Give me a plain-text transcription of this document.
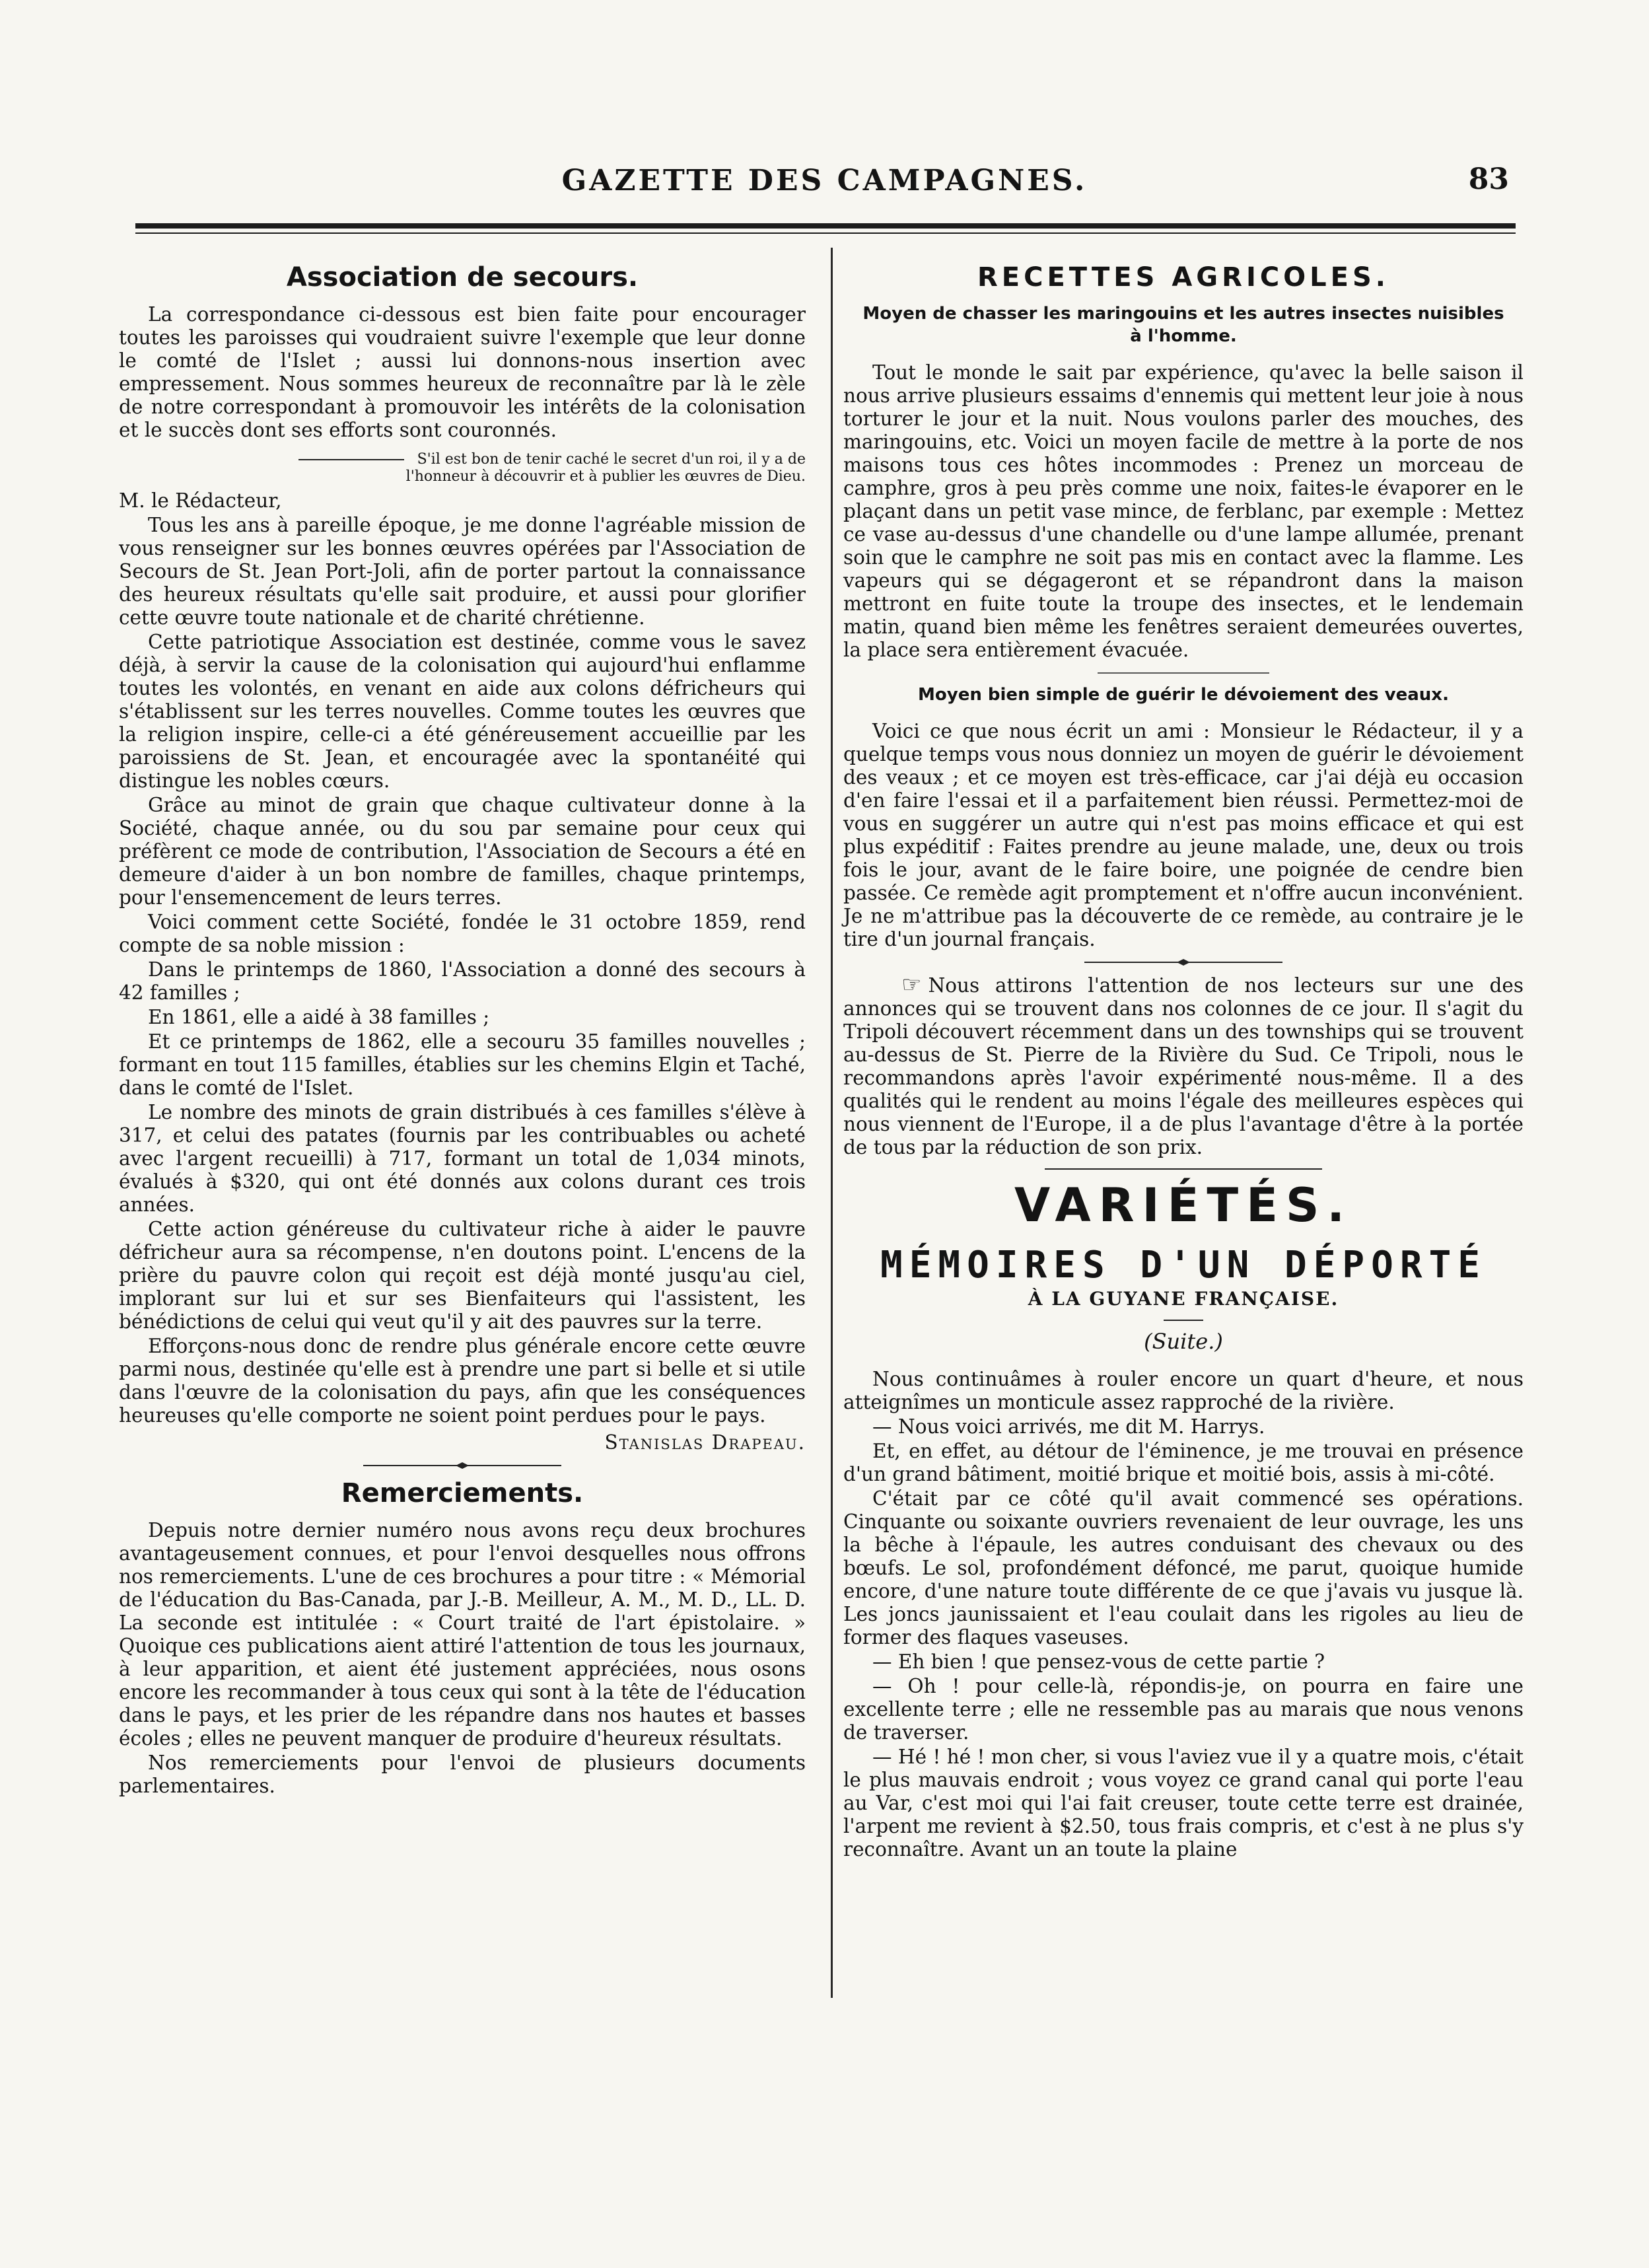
GAZETTE DES CAMPAGNES.	83
Association de secours.

La correspondance ci-dessous est bien faite pour encourager toutes les paroisses qui voudraient suivre l'exemple que leur donne le comté de l'Islet ; aussi lui donnons-nous insertion avec empressement. Nous sommes heureux de reconnaître par là le zèle de notre correspondant à promouvoir les intérêts de la colonisation et le succès dont ses efforts sont couronnés.

S'il est bon de tenir caché le secret d'un roi, il y a de
l'honneur à découvrir et à publier les œuvres de Dieu.

M. le Rédacteur,

Tous les ans à pareille époque, je me donne l'agréable mission de vous renseigner sur les bonnes œuvres opérées par l'Association de Secours de St. Jean Port-Joli, afin de porter partout la connaissance des heureux résultats qu'elle sait produire, et aussi pour glorifier cette œuvre toute nationale et de charité chrétienne.

Cette patriotique Association est destinée, comme vous le savez déjà, à servir la cause de la colonisation qui aujourd'hui enflamme toutes les volontés, en venant en aide aux colons défricheurs qui s'établissent sur les terres nouvelles. Comme toutes les œuvres que la religion inspire, celle-ci a été généreusement accueillie par les paroissiens de St. Jean, et encouragée avec la spontanéité qui distingue les nobles cœurs.

Grâce au minot de grain que chaque cultivateur donne à la Société, chaque année, ou du sou par semaine pour ceux qui préfèrent ce mode de contribution, l'Association de Secours a été en demeure d'aider à un bon nombre de familles, chaque printemps, pour l'ensemencement de leurs terres.

Voici comment cette Société, fondée le 31 octobre 1859, rend compte de sa noble mission :

Dans le printemps de 1860, l'Association a donné des secours à 42 familles ;

En 1861, elle a aidé à 38 familles ;

Et ce printemps de 1862, elle a secouru 35 familles nouvelles ; formant en tout 115 familles, établies sur les chemins Elgin et Taché, dans le comté de l'Islet.

Le nombre des minots de grain distribués à ces familles s'élève à 317, et celui des patates (fournis par les contribuables ou acheté avec l'argent recueilli) à 717, formant un total de 1,034 minots, évalués à $320, qui ont été donnés aux colons durant ces trois années.

Cette action généreuse du cultivateur riche à aider le pauvre défricheur aura sa récompense, n'en doutons point. L'encens de la prière du pauvre colon qui reçoit est déjà monté jusqu'au ciel, implorant sur lui et sur ses Bienfaiteurs qui l'assistent, les bénédictions de celui qui veut qu'il y ait des pauvres sur la terre.

Efforçons-nous donc de rendre plus générale encore cette œuvre parmi nous, destinée qu'elle est à prendre une part si belle et si utile dans l'œuvre de la colonisation du pays, afin que les conséquences heureuses qu'elle comporte ne soient point perdues pour le pays.

Stanislas Drapeau.
Remerciements.

Depuis notre dernier numéro nous avons reçu deux brochures avantageusement connues, et pour l'envoi desquelles nous offrons nos remerciements. L'une de ces brochures a pour titre : « Mémorial de l'éducation du Bas-Canada, par J.-B. Meilleur, A. M., M. D., LL. D. La seconde est intitulée : « Court traité de l'art épistolaire. » Quoique ces publications aient attiré l'attention de tous les journaux, à leur apparition, et aient été justement appréciées, nous osons encore les recommander à tous ceux qui sont à la tête de l'éducation dans le pays, et les prier de les répandre dans nos hautes et basses écoles ; elles ne peuvent manquer de produire d'heureux résultats.

Nos remerciements pour l'envoi de plusieurs documents parlementaires.

RECETTES AGRICOLES.
Moyen de chasser les maringouins et les autres insectes nuisibles
à l'homme.

Tout le monde le sait par expérience, qu'avec la belle saison il nous arrive plusieurs essaims d'ennemis qui mettent leur joie à nous torturer le jour et la nuit. Nous voulons parler des mouches, des maringouins, etc. Voici un moyen facile de mettre à la porte de nos maisons tous ces hôtes incommodes : Prenez un morceau de camphre, gros à peu près comme une noix, faites-le évaporer en le plaçant dans un petit vase mince, de ferblanc, par exemple : Mettez ce vase au-dessus d'une chandelle ou d'une lampe allumée, prenant soin que le camphre ne soit pas mis en contact avec la flamme. Les vapeurs qui se dégageront et se répandront dans la maison mettront en fuite toute la troupe des insectes, et le lendemain matin, quand bien même les fenêtres seraient demeurées ouvertes, la place sera entièrement évacuée.

Moyen bien simple de guérir le dévoiement des veaux.

Voici ce que nous écrit un ami : Monsieur le Rédacteur, il y a quelque temps vous nous donniez un moyen de guérir le dévoiement des veaux ; et ce moyen est très-efficace, car j'ai déjà eu occasion d'en faire l'essai et il a parfaitement bien réussi. Permettez-moi de vous en suggérer un autre qui n'est pas moins efficace et qui est plus expéditif : Faites prendre au jeune malade, une, deux ou trois fois le jour, avant de le faire boire, une poignée de cendre bien passée. Ce remède agit promptement et n'offre aucun inconvénient. Je ne m'attribue pas la découverte de ce remède, au contraire je le tire d'un journal français.

☞ Nous attirons l'attention de nos lecteurs sur une des annonces qui se trouvent dans nos colonnes de ce jour. Il s'agit du Tripoli découvert récemment dans un des townships qui se trouvent au-dessus de St. Pierre de la Rivière du Sud. Ce Tripoli, nous le recommandons après l'avoir expérimenté nous-même. Il a des qualités qui le rendent au moins l'égale des meilleures espèces qui nous viennent de l'Europe, il a de plus l'avantage d'être à la portée de tous par la réduction de son prix.

VARIÉTÉS.
MÉMOIRES D'UN DÉPORTÉ
À LA GUYANE FRANÇAISE.
(Suite.)

Nous continuâmes à rouler encore un quart d'heure, et nous atteignîmes un monticule assez rapproché de la rivière.

— Nous voici arrivés, me dit M. Harrys.

Et, en effet, au détour de l'éminence, je me trouvai en présence d'un grand bâtiment, moitié brique et moitié bois, assis à mi-côté.

C'était par ce côté qu'il avait commencé ses opérations. Cinquante ou soixante ouvriers revenaient de leur ouvrage, les uns la bêche à l'épaule, les autres conduisant des chevaux ou des bœufs. Le sol, profondément défoncé, me parut, quoique humide encore, d'une nature toute différente de ce que j'avais vu jusque là. Les joncs jaunissaient et l'eau coulait dans les rigoles au lieu de former des flaques vaseuses.

— Eh bien ! que pensez-vous de cette partie ?

— Oh ! pour celle-là, répondis-je, on pourra en faire une excellente terre ; elle ne ressemble pas au marais que nous venons de traverser.

— Hé ! hé ! mon cher, si vous l'aviez vue il y a quatre mois, c'était le plus mauvais endroit ; vous voyez ce grand canal qui porte l'eau au Var, c'est moi qui l'ai fait creuser, toute cette terre est drainée, l'arpent me revient à $2.50, tous frais compris, et c'est à ne plus s'y reconnaître. Avant un an toute la plaine
